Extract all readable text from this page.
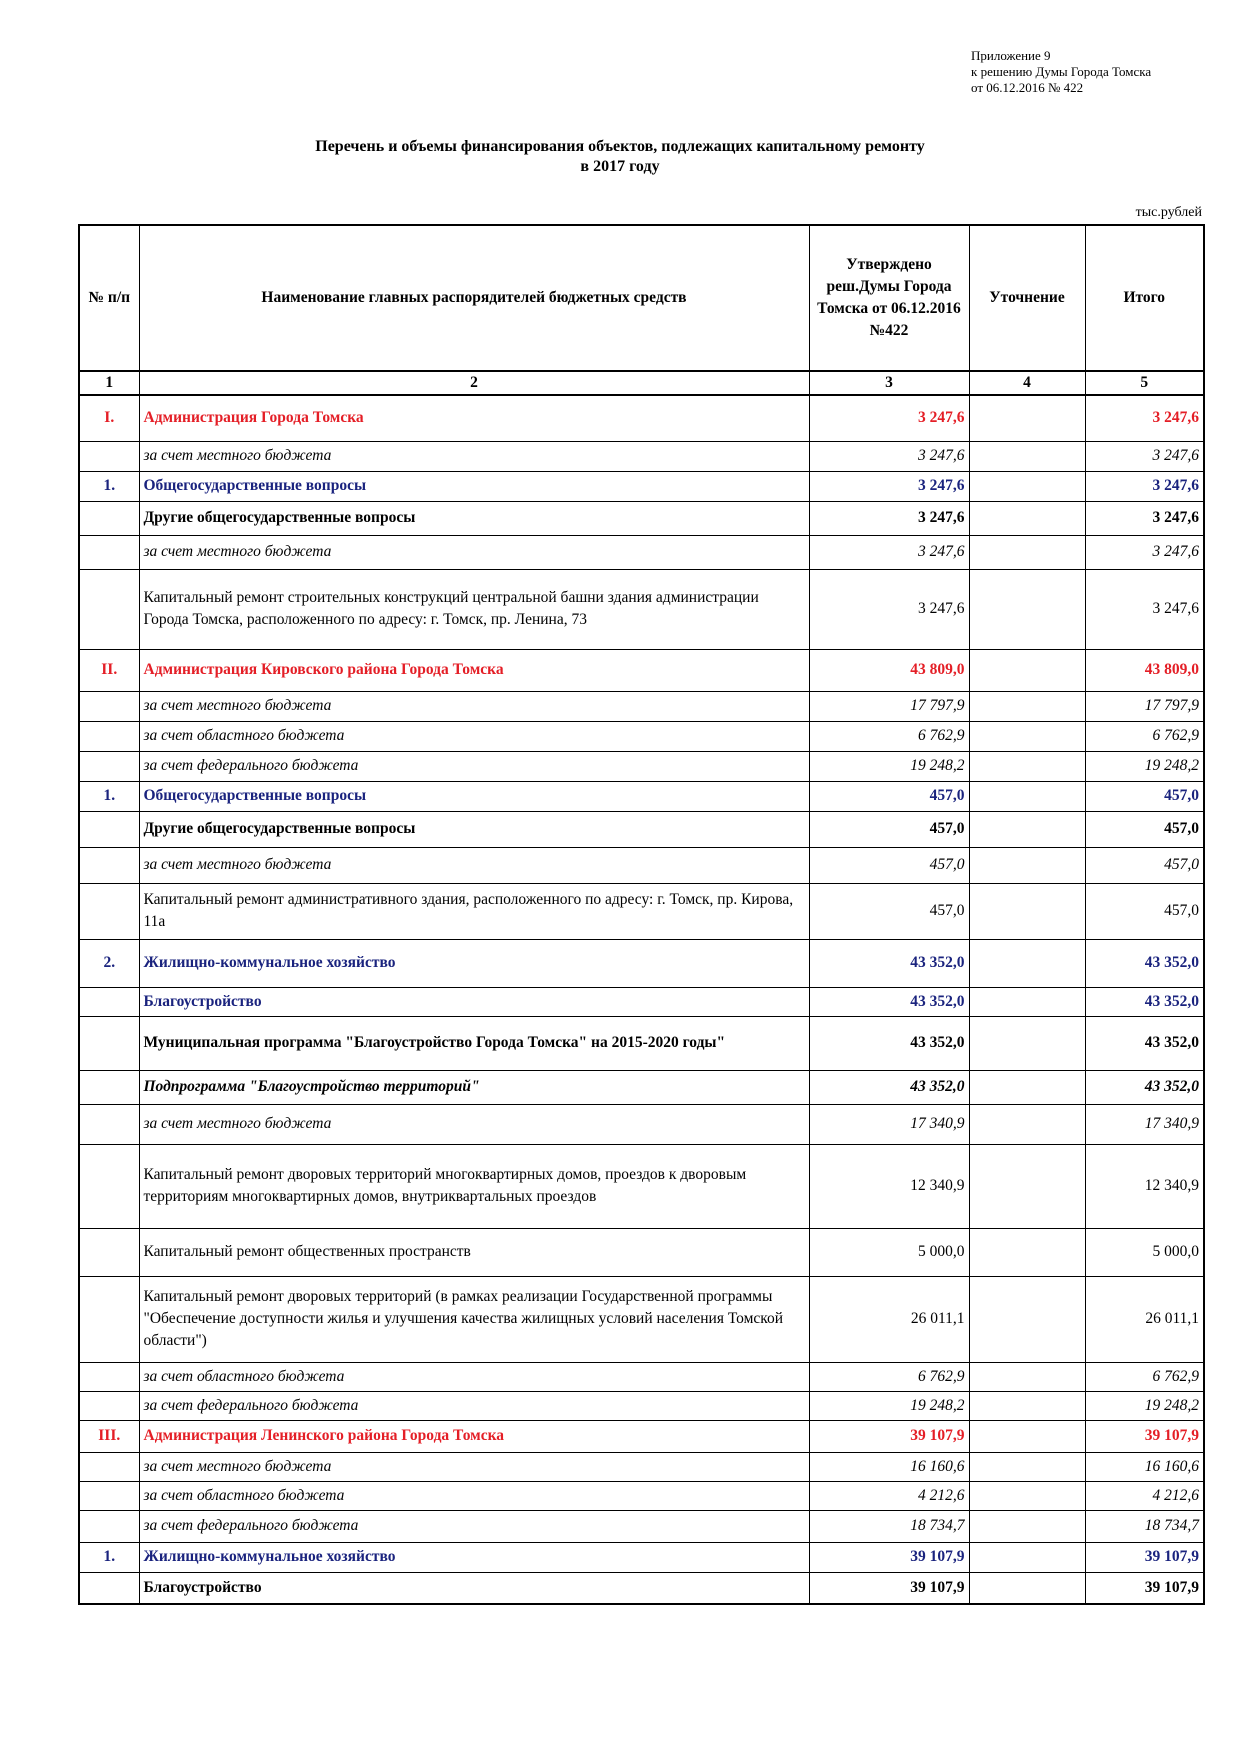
Приложение 9
к решению Думы Города Томска
от 06.12.2016 № 422
Перечень и объемы финансирования объектов, подлежащих капитальному ремонту
в 2017 году
тыс.рублей
№ п/п	Наименование главных распорядителей бюджетных средств	Утверждено реш.Думы Города Томска от 06.12.2016 №422	Уточнение	Итого
1	2	3	4	5
I.	Администрация Города Томска	3 247,6		3 247,6
	за счет местного бюджета	3 247,6		3 247,6
1.	Общегосударственные вопросы	3 247,6		3 247,6
	Другие общегосударственные вопросы	3 247,6		3 247,6
	за счет местного бюджета	3 247,6		3 247,6
	Капитальный ремонт строительных конструкций центральной башни здания администрации Города Томска, расположенного по адресу: г. Томск, пр. Ленина, 73	3 247,6		3 247,6
II.	Администрация Кировского района Города Томска	43 809,0		43 809,0
	за счет местного бюджета	17 797,9		17 797,9
	за счет областного бюджета	6 762,9		6 762,9
	за счет федерального бюджета	19 248,2		19 248,2
1.	Общегосударственные вопросы	457,0		457,0
	Другие общегосударственные вопросы	457,0		457,0
	за счет местного бюджета	457,0		457,0
	Капитальный ремонт административного здания, расположенного по адресу: г. Томск, пр. Кирова, 11а	457,0		457,0
2.	Жилищно-коммунальное хозяйство	43 352,0		43 352,0
	Благоустройство	43 352,0		43 352,0
	Муниципальная программа "Благоустройство Города Томска" на 2015-2020 годы"	43 352,0		43 352,0
	Подпрограмма "Благоустройство территорий"	43 352,0		43 352,0
	за счет местного бюджета	17 340,9		17 340,9
	Капитальный ремонт дворовых территорий многоквартирных домов, проездов к дворовым территориям многоквартирных домов, внутриквартальных проездов	12 340,9		12 340,9
	Капитальный ремонт общественных пространств	5 000,0		5 000,0
	Капитальный ремонт дворовых территорий (в рамках реализации Государственной программы "Обеспечение доступности жилья и улучшения качества жилищных условий населения Томской области")	26 011,1		26 011,1
	за счет областного бюджета	6 762,9		6 762,9
	за счет федерального бюджета	19 248,2		19 248,2
III.	Администрация Ленинского района Города Томска	39 107,9		39 107,9
	за счет местного бюджета	16 160,6		16 160,6
	за счет областного бюджета	4 212,6		4 212,6
	за счет федерального бюджета	18 734,7		18 734,7
1.	Жилищно-коммунальное хозяйство	39 107,9		39 107,9
	Благоустройство	39 107,9		39 107,9
